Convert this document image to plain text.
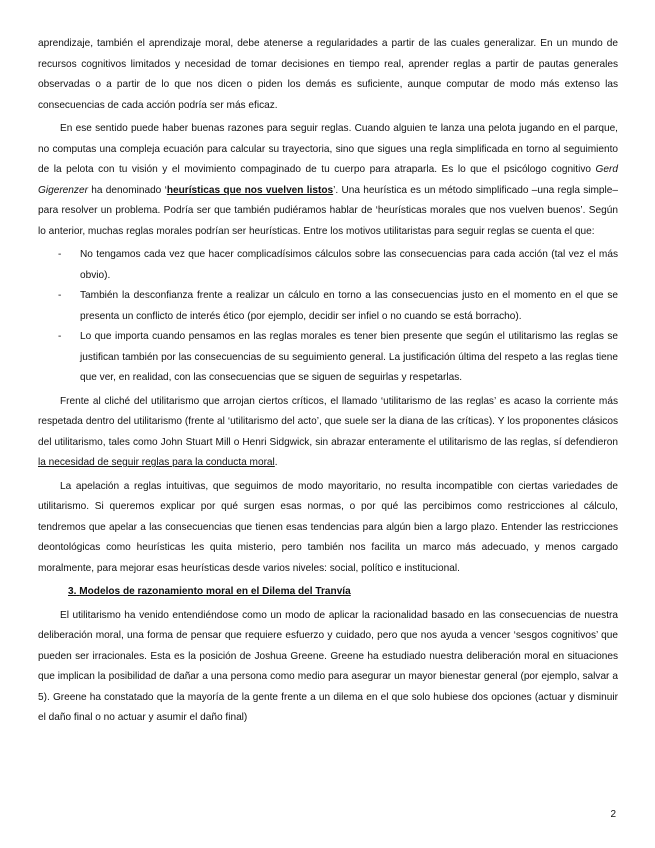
aprendizaje, también el aprendizaje moral, debe atenerse a regularidades a partir de las cuales generalizar. En un mundo de recursos cognitivos limitados y necesidad de tomar decisiones en tiempo real, aprender reglas a partir de pautas generales observadas o a partir de lo que nos dicen o piden los demás es suficiente, aunque computar de modo más extenso las consecuencias de cada acción podría ser más eficaz.

En ese sentido puede haber buenas razones para seguir reglas. Cuando alguien te lanza una pelota jugando en el parque, no computas una compleja ecuación para calcular su trayectoria, sino que sigues una regla simplificada en torno al seguimiento de la pelota con tu visión y el movimiento compaginado de tu cuerpo para atraparla. Es lo que el psicólogo cognitivo Gerd Gigerenzer ha denominado ‘heurísticas que nos vuelven listos’. Una heurística es un método simplificado –una regla simple– para resolver un problema. Podría ser que también pudiéramos hablar de ‘heurísticas morales que nos vuelven buenos’. Según lo anterior, muchas reglas morales podrían ser heurísticas. Entre los motivos utilitaristas para seguir reglas se cuenta el que:

- No tengamos cada vez que hacer complicadísimos cálculos sobre las consecuencias para cada acción (tal vez el más obvio).
- También la desconfianza frente a realizar un cálculo en torno a las consecuencias justo en el momento en el que se presenta un conflicto de interés ético (por ejemplo, decidir ser infiel o no cuando se está borracho).
- Lo que importa cuando pensamos en las reglas morales es tener bien presente que según el utilitarismo las reglas se justifican también por las consecuencias de su seguimiento general. La justificación última del respeto a las reglas tiene que ver, en realidad, con las consecuencias que se siguen de seguirlas y respetarlas.

Frente al cliché del utilitarismo que arrojan ciertos críticos, el llamado ‘utilitarismo de las reglas’ es acaso la corriente más respetada dentro del utilitarismo (frente al ‘utilitarismo del acto’, que suele ser la diana de las críticas). Y los proponentes clásicos del utilitarismo, tales como John Stuart Mill o Henri Sidgwick, sin abrazar enteramente el utilitarismo de las reglas, sí defendieron la necesidad de seguir reglas para la conducta moral.

La apelación a reglas intuitivas, que seguimos de modo mayoritario, no resulta incompatible con ciertas variedades de utilitarismo. Si queremos explicar por qué surgen esas normas, o por qué las percibimos como restricciones al cálculo, tendremos que apelar a las consecuencias que tienen esas tendencias para algún bien a largo plazo. Entender las restricciones deontológicas como heurísticas les quita misterio, pero también nos facilita un marco más adecuado, y menos cargado moralmente, para mejorar esas heurísticas desde varios niveles: social, político e institucional.

3. Modelos de razonamiento moral en el Dilema del Tranvía

El utilitarismo ha venido entendiéndose como un modo de aplicar la racionalidad basado en las consecuencias de nuestra deliberación moral, una forma de pensar que requiere esfuerzo y cuidado, pero que nos ayuda a vencer ‘sesgos cognitivos’ que pueden ser irracionales. Esta es la posición de Joshua Greene. Greene ha estudiado nuestra deliberación moral en situaciones que implican la posibilidad de dañar a una persona como medio para asegurar un mayor bienestar general (por ejemplo, salvar a 5). Greene ha constatado que la mayoría de la gente frente a un dilema en el que solo hubiese dos opciones (actuar y disminuir el daño final o no actuar y asumir el daño final)

2
